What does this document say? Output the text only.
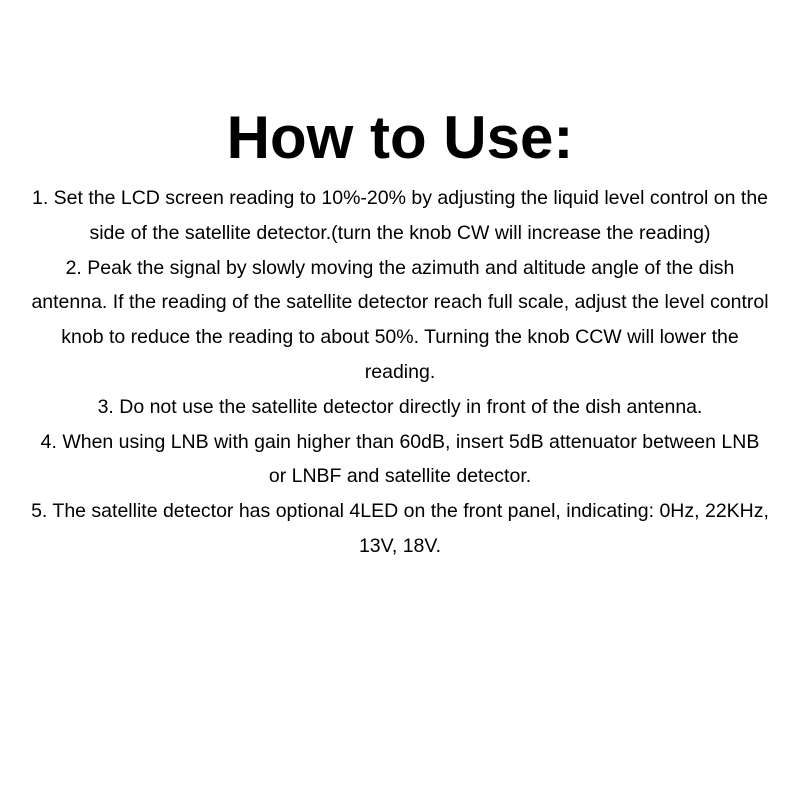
How to Use:
1. Set the LCD screen reading to 10%-20% by adjusting the liquid level control on the side of the satellite detector.(turn the knob CW will increase the reading)
2. Peak the signal by slowly moving the azimuth and altitude angle of the dish antenna. If the reading of the satellite detector reach full scale, adjust the level control knob to reduce the reading to about 50%. Turning the knob CCW will lower the reading.
3. Do not use the satellite detector directly in front of the dish antenna.
4. When using LNB with gain higher than 60dB, insert 5dB attenuator between LNB or LNBF and satellite detector.
5. The satellite detector has optional 4LED on the front panel, indicating: 0Hz, 22KHz, 13V, 18V.
